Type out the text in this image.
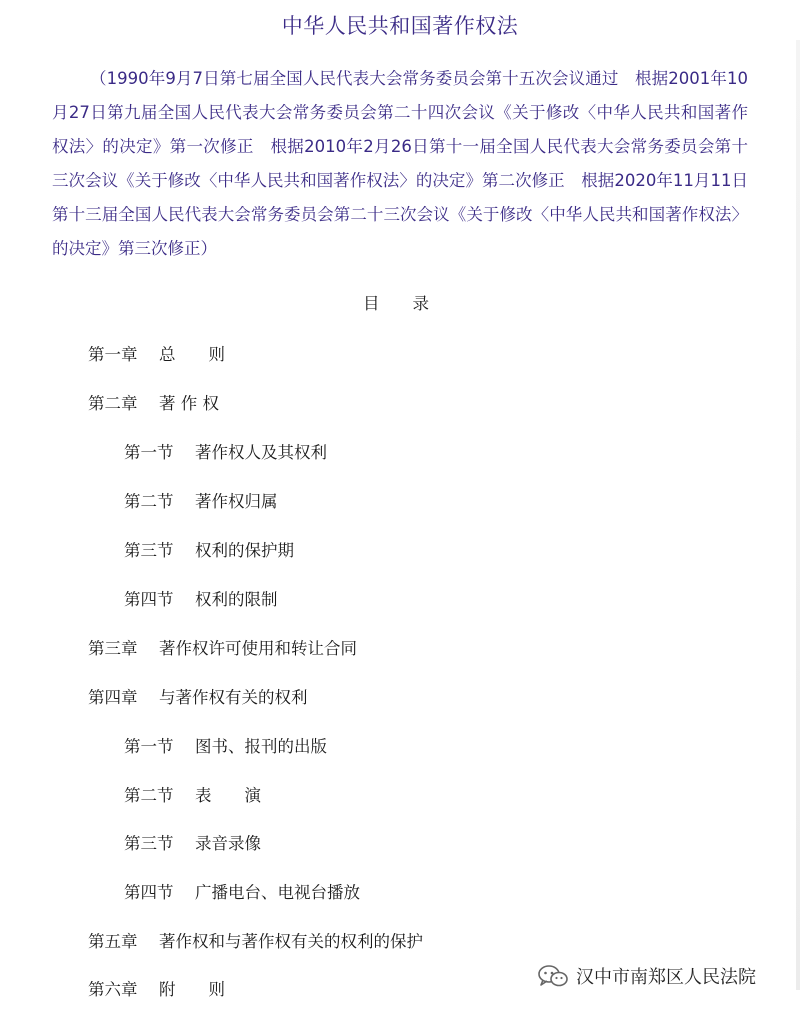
中华人民共和国著作权法
（1990年9月7日第七届全国人民代表大会常务委员会第十五次会议通过　根据2001年10月27日第九届全国人民代表大会常务委员会第二十四次会议《关于修改〈中华人民共和国著作权法〉的决定》第一次修正　根据2010年2月26日第十一届全国人民代表大会常务委员会第十三次会议《关于修改〈中华人民共和国著作权法〉的决定》第二次修正　根据2020年11月11日第十三届全国人民代表大会常务委员会第二十三次会议《关于修改〈中华人民共和国著作权法〉的决定》第三次修正）
目　　录
第一章	总　　则
第二章	著 作 权
第一节	著作权人及其权利
第二节	著作权归属
第三节	权利的保护期
第四节	权利的限制
第三章	著作权许可使用和转让合同
第四章	与著作权有关的权利
第一节	图书、报刊的出版
第二节	表　　演
第三节	录音录像
第四节	广播电台、电视台播放
第五章	著作权和与著作权有关的权利的保护
第六章	附　　则
汉中市南郑区人民法院
